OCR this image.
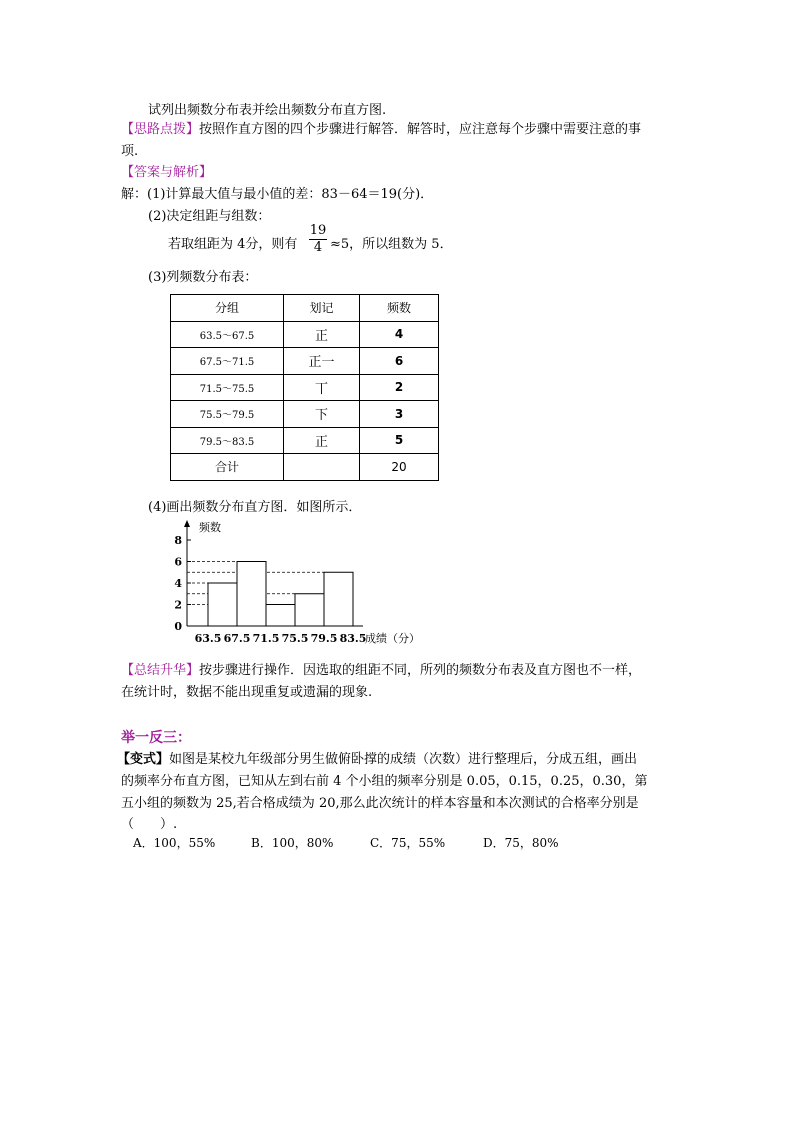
试列出频数分布表并绘出频数分布直方图.
【思路点拨】按照作直方图的四个步骤进行解答．解答时，应注意每个步骤中需要注意的事
项.
【答案与解析】
解：(1)计算最大值与最小值的差：83－64＝19(分)．
(2)决定组距与组数：
若取组距为 4分，则有 $\frac{19}{4} \approx 5$，所以组数为 5．
(3)列频数分布表：
分组	划记	频数
63.5～67.5	正	4
67.5～71.5	正一	6
71.5～75.5	丅	2
75.5～79.5	下	3
79.5～83.5	正	5
合计		20
(4)画出频数分布直方图．如图所示．
频数
成绩（分）
0
2
4
6
8
63.5 67.5 71.5 75.5 79.5 83.5
【总结升华】按步骤进行操作．因选取的组距不同，所列的频数分布表及直方图也不一样，
在统计时，数据不能出现重复或遗漏的现象.
举一反三：
【变式】如图是某校九年级部分男生做俯卧撑的成绩（次数）进行整理后，分成五组，画出
的频率分布直方图，已知从左到右前 4 个小组的频率分别是 0.05，0.15，0.25，0.30，第
五小组的频数为 25,若合格成绩为 20,那么此次统计的样本容量和本次测试的合格率分别是
（　　）.
A．100，55%	B．100，80%	C．75，55%	D．75，80%
